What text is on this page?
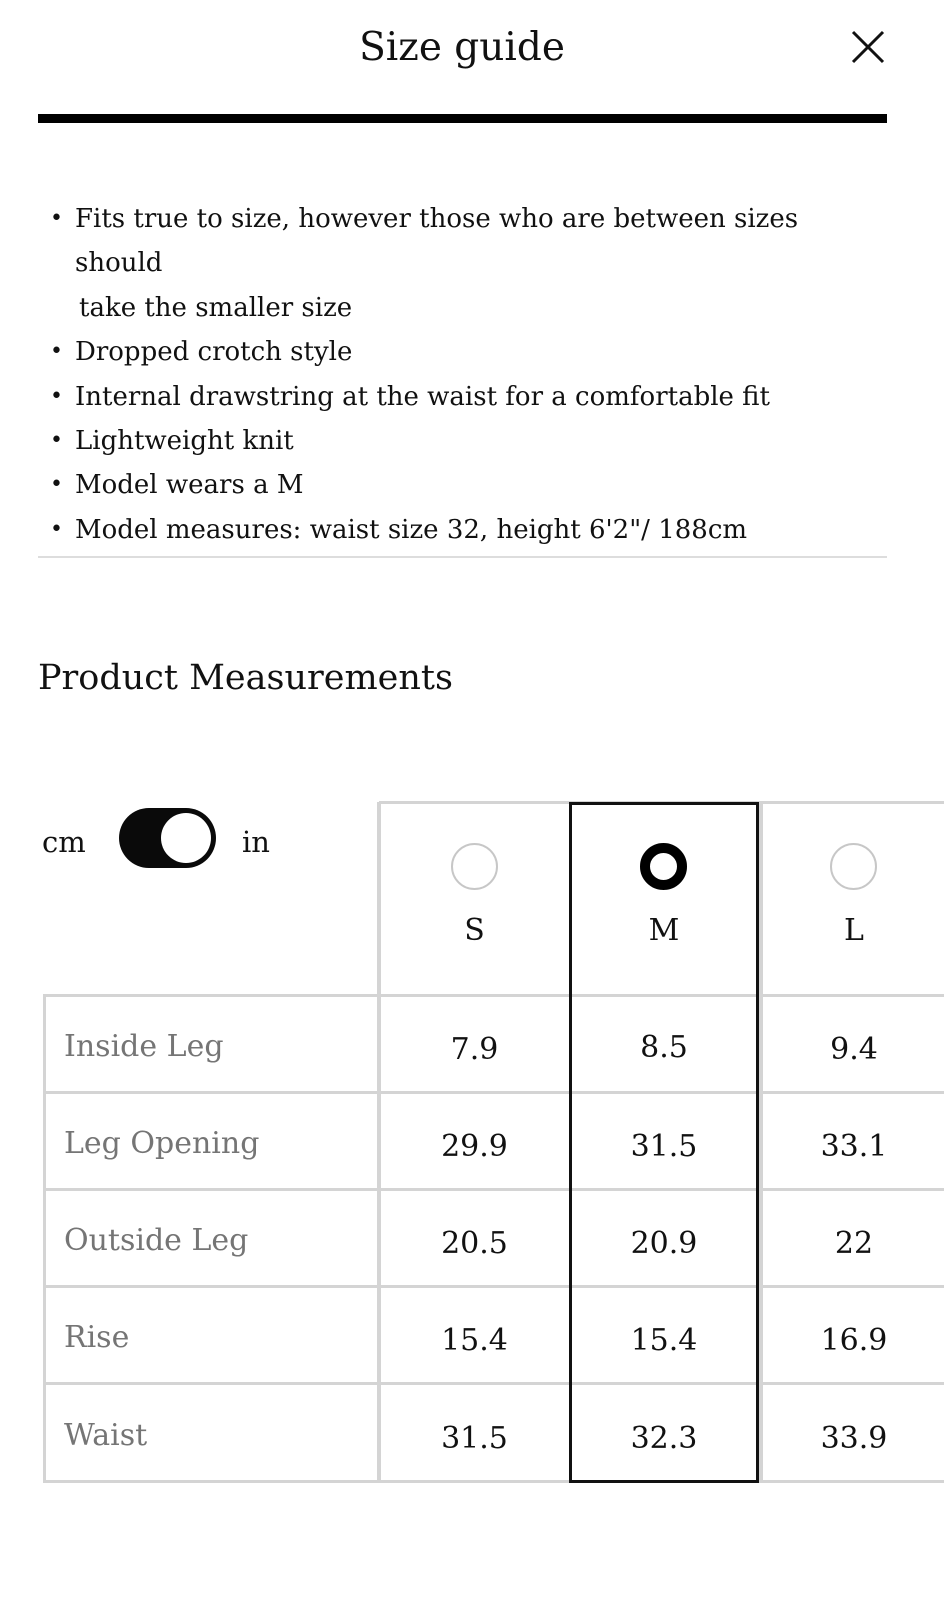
Size guide
• Fits true to size, however those who are between sizes should
take the smaller size
• Dropped crotch style
• Internal drawstring at the waist for a comfortable fit
• Lightweight knit
• Model wears a M
• Model measures: waist size 32, height 6'2"/ 188cm
Product Measurements
cm	in
S	M	L
Inside Leg	7.9	8.5	9.4
Leg Opening	29.9	31.5	33.1
Outside Leg	20.5	20.9	22
Rise	15.4	15.4	16.9
Waist	31.5	32.3	33.9
